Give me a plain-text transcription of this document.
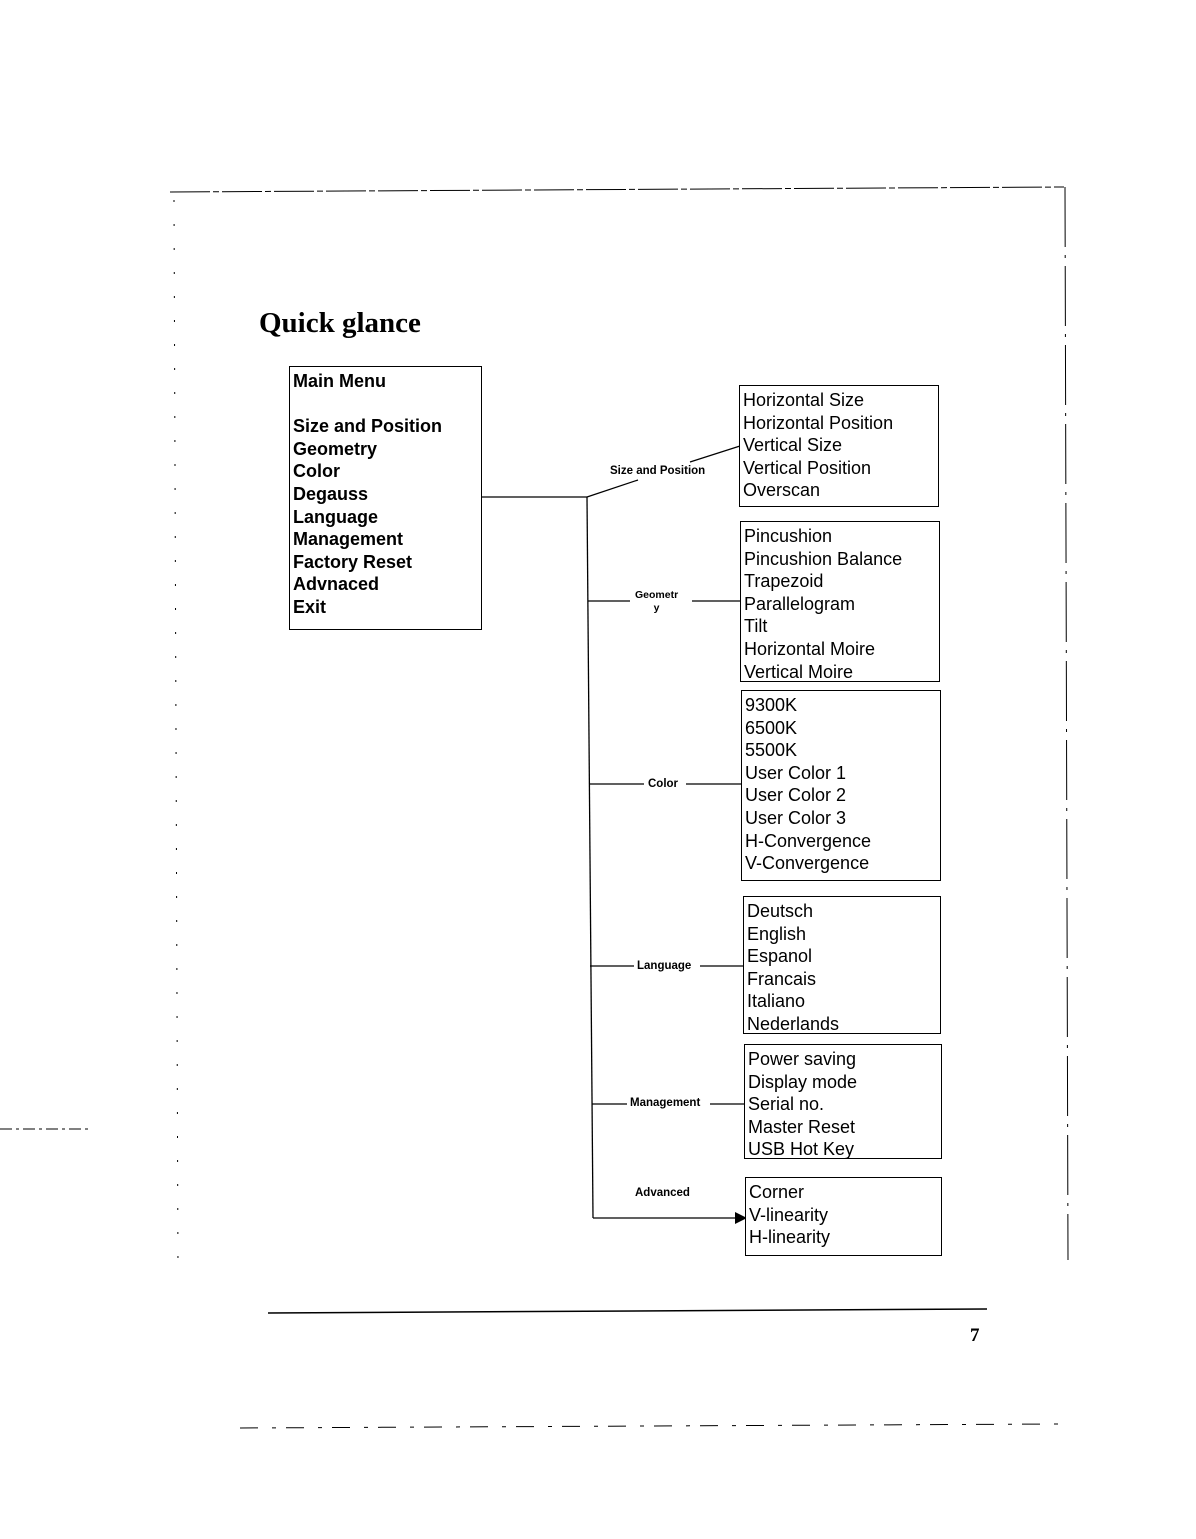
Quick glance
Main Menu
Size and Position
Geometry
Color
Degauss
Language
Management
Factory Reset
Advnaced
Exit
Size and Position
Geometr
y
Color
Language
Management
Advanced
Horizontal Size
Horizontal Position
Vertical Size
Vertical Position
Overscan
Pincushion
Pincushion Balance
Trapezoid
Parallelogram
Tilt
Horizontal Moire
Vertical Moire
9300K
6500K
5500K
User Color 1
User Color 2
User Color 3
H-Convergence
V-Convergence
Deutsch
English
Espanol
Francais
Italiano
Nederlands
Power saving
Display mode
Serial no.
Master Reset
USB Hot Key
Corner
V-linearity
H-linearity
7
